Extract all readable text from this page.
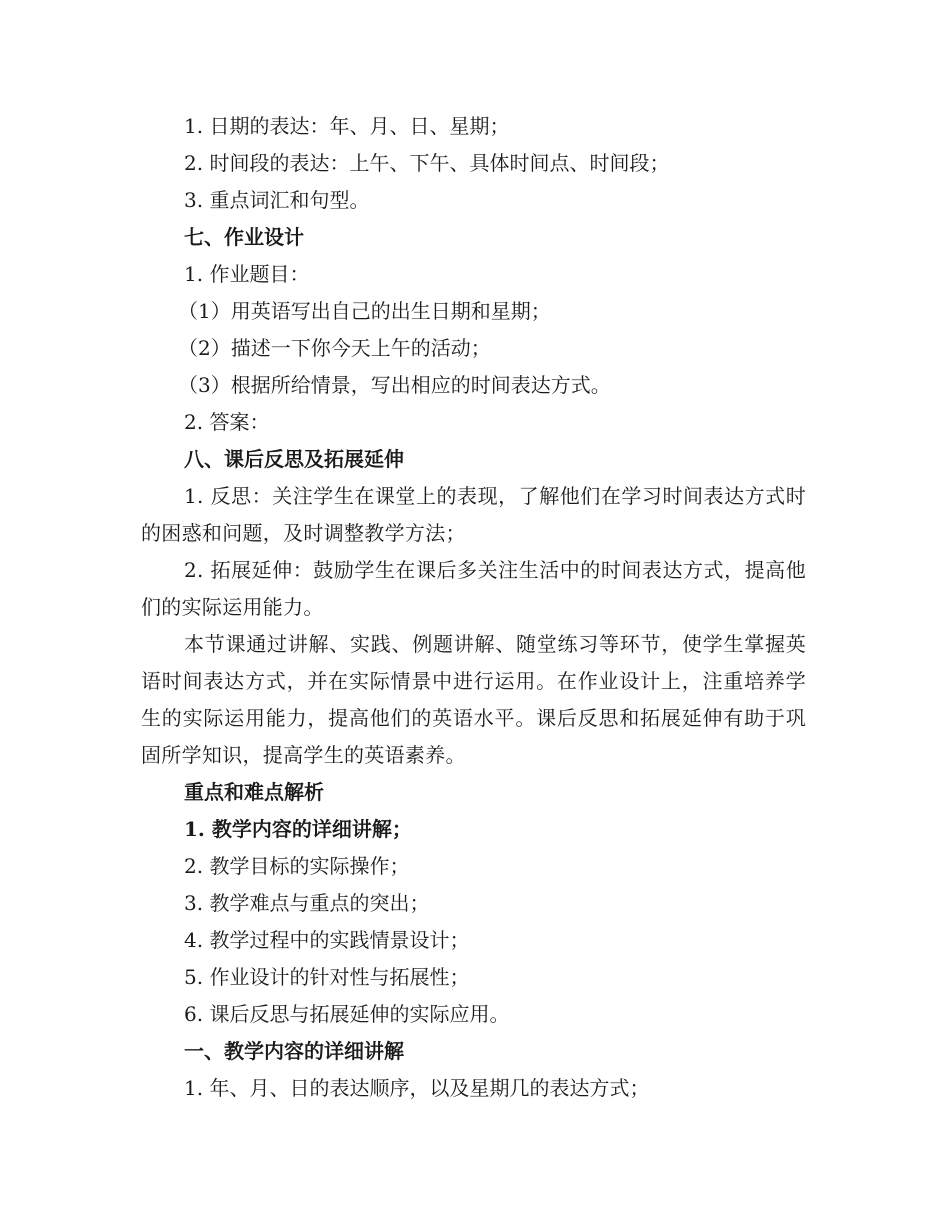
1. 日期的表达：年、月、日、星期；

2. 时间段的表达：上午、下午、具体时间点、时间段；

3. 重点词汇和句型。

七、作业设计

1. 作业题目：

（1）用英语写出自己的出生日期和星期；

（2）描述一下你今天上午的活动；

（3）根据所给情景，写出相应的时间表达方式。

2. 答案：

八、课后反思及拓展延伸

1. 反思：关注学生在课堂上的表现，了解他们在学习时间表达方式时的困惑和问题，及时调整教学方法；

2. 拓展延伸：鼓励学生在课后多关注生活中的时间表达方式，提高他们的实际运用能力。

本节课通过讲解、实践、例题讲解、随堂练习等环节，使学生掌握英语时间表达方式，并在实际情景中进行运用。在作业设计上，注重培养学生的实际运用能力，提高他们的英语水平。课后反思和拓展延伸有助于巩固所学知识，提高学生的英语素养。

重点和难点解析

1. 教学内容的详细讲解；

2. 教学目标的实际操作；

3. 教学难点与重点的突出；

4. 教学过程中的实践情景设计；

5. 作业设计的针对性与拓展性；

6. 课后反思与拓展延伸的实际应用。

一、教学内容的详细讲解

1. 年、月、日的表达顺序，以及星期几的表达方式；
